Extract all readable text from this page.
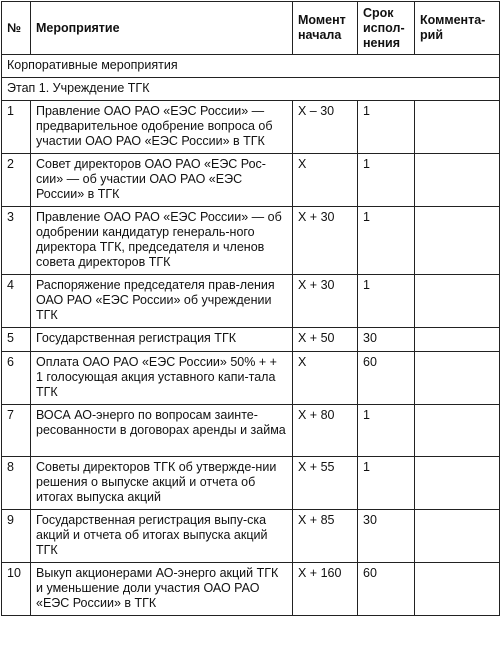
№	Мероприятие	Момент начала	Срок испол-нения	Коммента-рий
Корпоративные мероприятия				
Этап 1. Учреждение ТГК				
1	Правление ОАО РАО «ЕЭС России» — предварительное одобрение вопроса об участии ОАО РАО «ЕЭС России» в ТГК	X – 30	1	
2	Совет директоров ОАО РАО «ЕЭС Рос-сии» — об участии ОАО РАО «ЕЭС России» в ТГК	X	1	
3	Правление ОАО РАО «ЕЭС России» — об одобрении кандидатур генераль-ного директора ТГК, председателя и членов совета директоров ТГК	X + 30	1	
4	Распоряжение председателя прав-ления ОАО РАО «ЕЭС России» об учреждении ТГК	X + 30	1	
5	Государственная регистрация ТГК	X + 50	30	
6	Оплата ОАО РАО «ЕЭС России» 50% + + 1 голосующая акция уставного капи-тала ТГК	X	60	
7	ВОСА АО-энерго по вопросам заинте-ресованности в договорах аренды и займа	X + 80	1	
8	Советы директоров ТГК об утвержде-нии решения о выпуске акций и отчета об итогах выпуска акций	X + 55	1	
9	Государственная регистрация выпу-ска акций и отчета об итогах выпуска акций ТГК	X + 85	30	
10	Выкуп акционерами АО-энерго акций ТГК и уменьшение доли участия ОАО РАО «ЕЭС России» в ТГК	X + 160	60	
